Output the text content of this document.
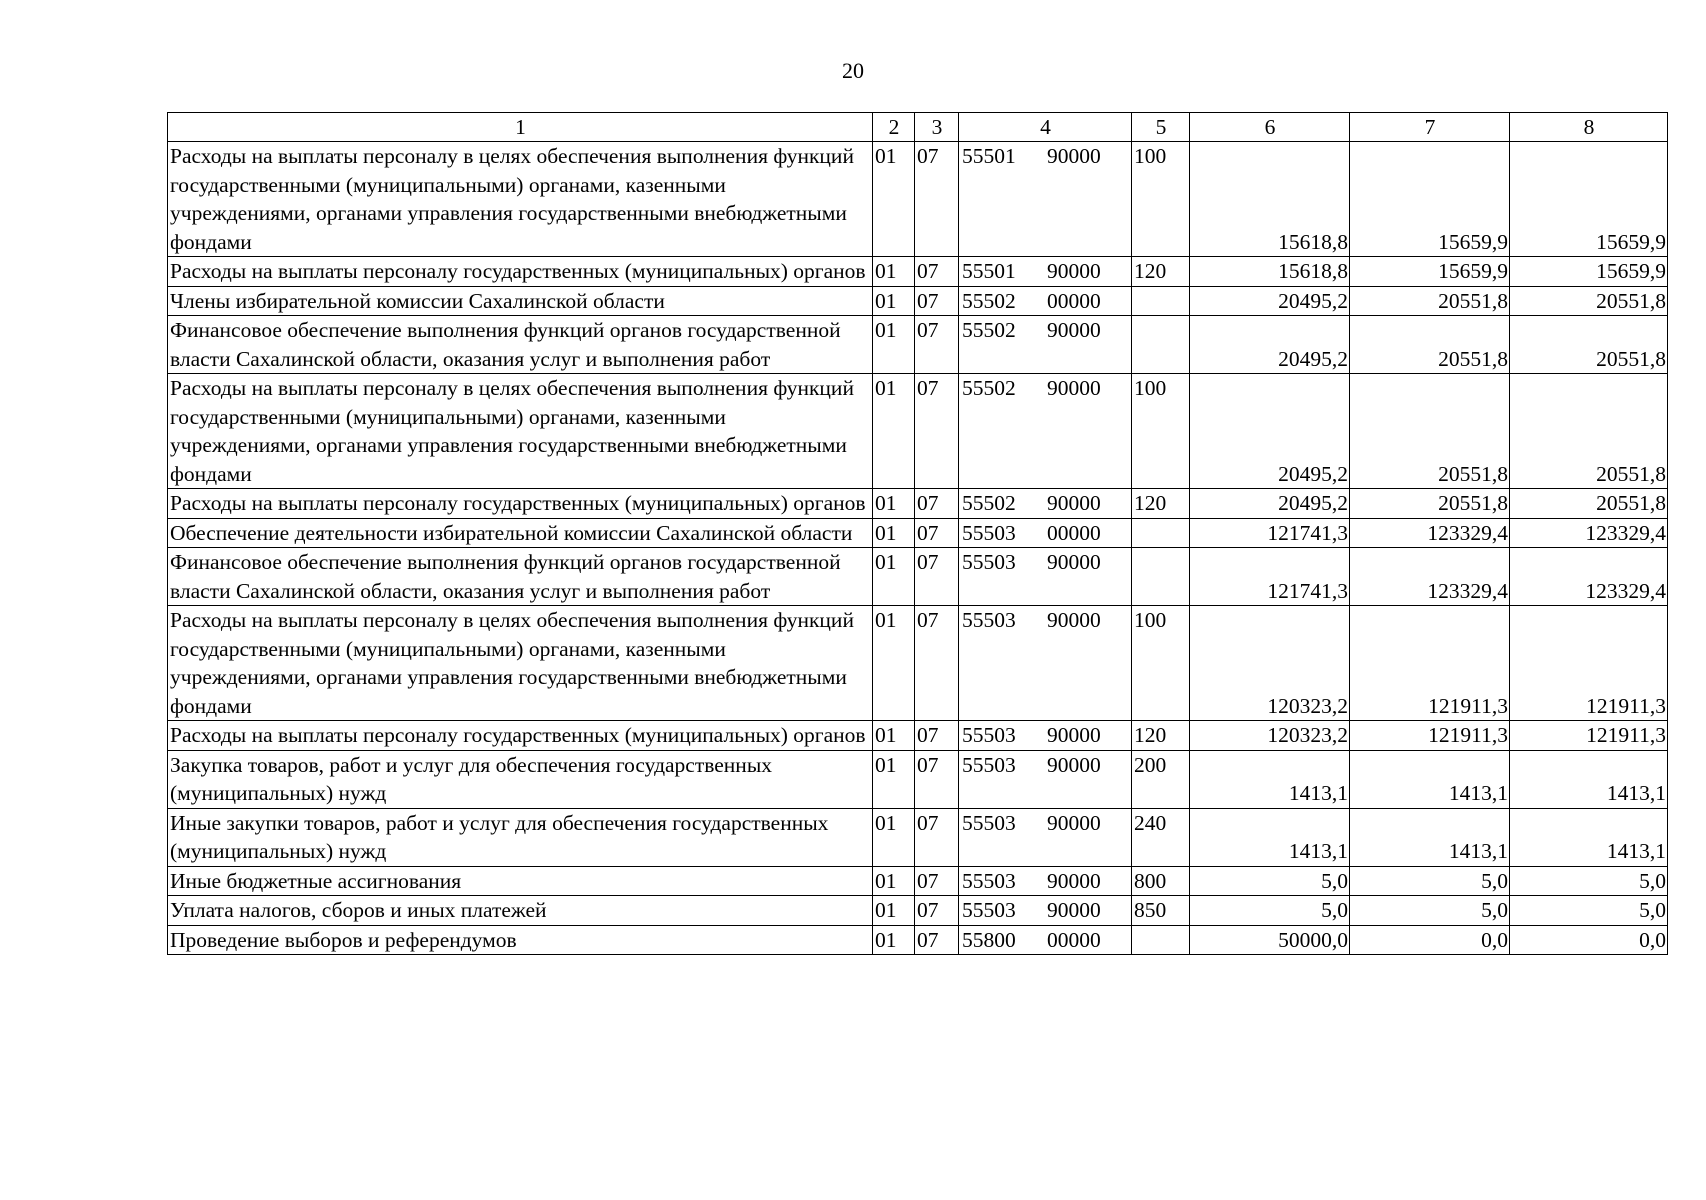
20
1	2	3	4	5	6	7	8
Расходы на выплаты персоналу в целях обеспечения выполнения функций государственными (муниципальными) органами, казенными учреждениями, органами управления государственными внебюджетными фондами	01	07	55501 90000	100	15618,8	15659,9	15659,9
Расходы на выплаты персоналу государственных (муниципальных) органов	01	07	55501 90000	120	15618,8	15659,9	15659,9
Члены избирательной комиссии Сахалинской области	01	07	55502 00000		20495,2	20551,8	20551,8
Финансовое обеспечение выполнения функций органов государственной власти Сахалинской области, оказания услуг и выполнения работ	01	07	55502 90000		20495,2	20551,8	20551,8
Расходы на выплаты персоналу в целях обеспечения выполнения функций государственными (муниципальными) органами, казенными учреждениями, органами управления государственными внебюджетными фондами	01	07	55502 90000	100	20495,2	20551,8	20551,8
Расходы на выплаты персоналу государственных (муниципальных) органов	01	07	55502 90000	120	20495,2	20551,8	20551,8
Обеспечение деятельности избирательной комиссии Сахалинской области	01	07	55503 00000		121741,3	123329,4	123329,4
Финансовое обеспечение выполнения функций органов государственной власти Сахалинской области, оказания услуг и выполнения работ	01	07	55503 90000		121741,3	123329,4	123329,4
Расходы на выплаты персоналу в целях обеспечения выполнения функций государственными (муниципальными) органами, казенными учреждениями, органами управления государственными внебюджетными фондами	01	07	55503 90000	100	120323,2	121911,3	121911,3
Расходы на выплаты персоналу государственных (муниципальных) органов	01	07	55503 90000	120	120323,2	121911,3	121911,3
Закупка товаров, работ и услуг для обеспечения государственных (муниципальных) нужд	01	07	55503 90000	200	1413,1	1413,1	1413,1
Иные закупки товаров, работ и услуг для обеспечения государственных (муниципальных) нужд	01	07	55503 90000	240	1413,1	1413,1	1413,1
Иные бюджетные ассигнования	01	07	55503 90000	800	5,0	5,0	5,0
Уплата налогов, сборов и иных платежей	01	07	55503 90000	850	5,0	5,0	5,0
Проведение выборов и референдумов	01	07	55800 00000		50000,0	0,0	0,0
